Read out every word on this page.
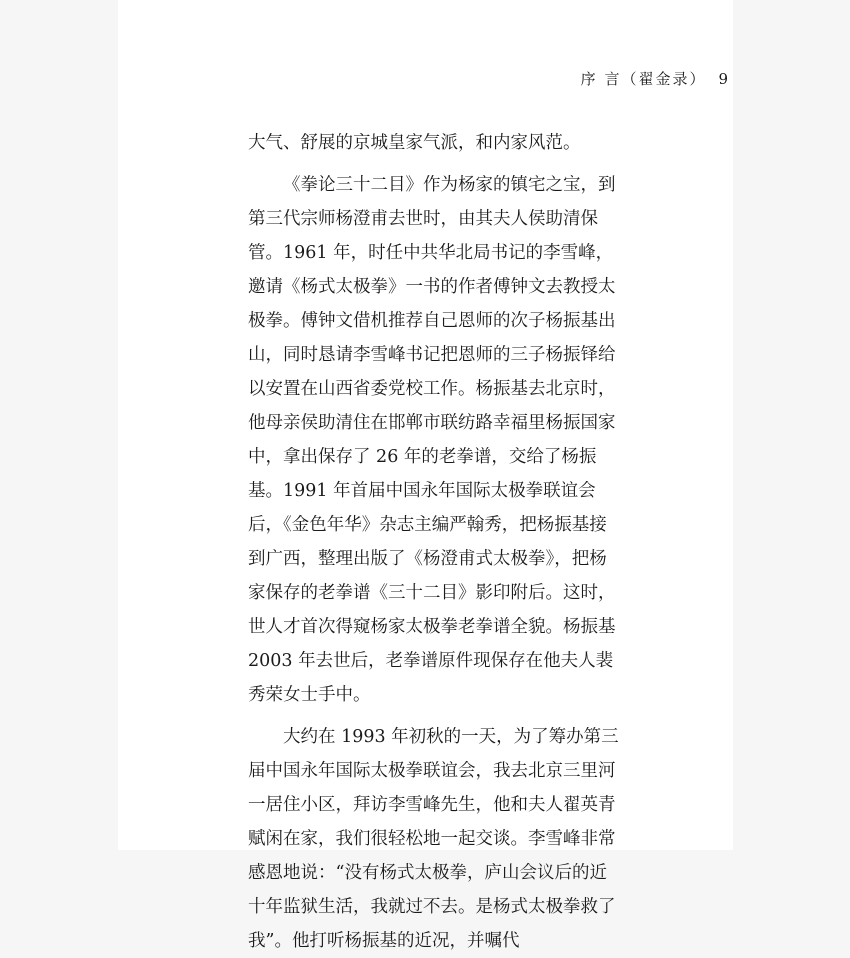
序 言（翟金录） 9

大气、舒展的京城皇家气派，和内家风范。

《拳论三十二目》作为杨家的镇宅之宝，到第三代宗师杨澄甫去世时，由其夫人侯助清保管。1961 年，时任中共华北局书记的李雪峰，邀请《杨式太极拳》一书的作者傅钟文去教授太极拳。傅钟文借机推荐自己恩师的次子杨振基出山，同时恳请李雪峰书记把恩师的三子杨振铎给以安置在山西省委党校工作。杨振基去北京时，他母亲侯助清住在邯郸市联纺路幸福里杨振国家中，拿出保存了 26 年的老拳谱，交给了杨振基。1991 年首届中国永年国际太极拳联谊会后，《金色年华》杂志主编严翰秀，把杨振基接到广西，整理出版了《杨澄甫式太极拳》，把杨家保存的老拳谱《三十二目》影印附后。这时，世人才首次得窥杨家太极拳老拳谱全貌。杨振基 2003 年去世后，老拳谱原件现保存在他夫人裴秀荣女士手中。

大约在 1993 年初秋的一天，为了筹办第三届中国永年国际太极拳联谊会，我去北京三里河一居住小区，拜访李雪峰先生，他和夫人翟英青赋闲在家，我们很轻松地一起交谈。李雪峰非常感恩地说：“没有杨式太极拳，庐山会议后的近十年监狱生活，我就过不去。是杨式太极拳救了我”。他打听杨振基的近况，并嘱代
